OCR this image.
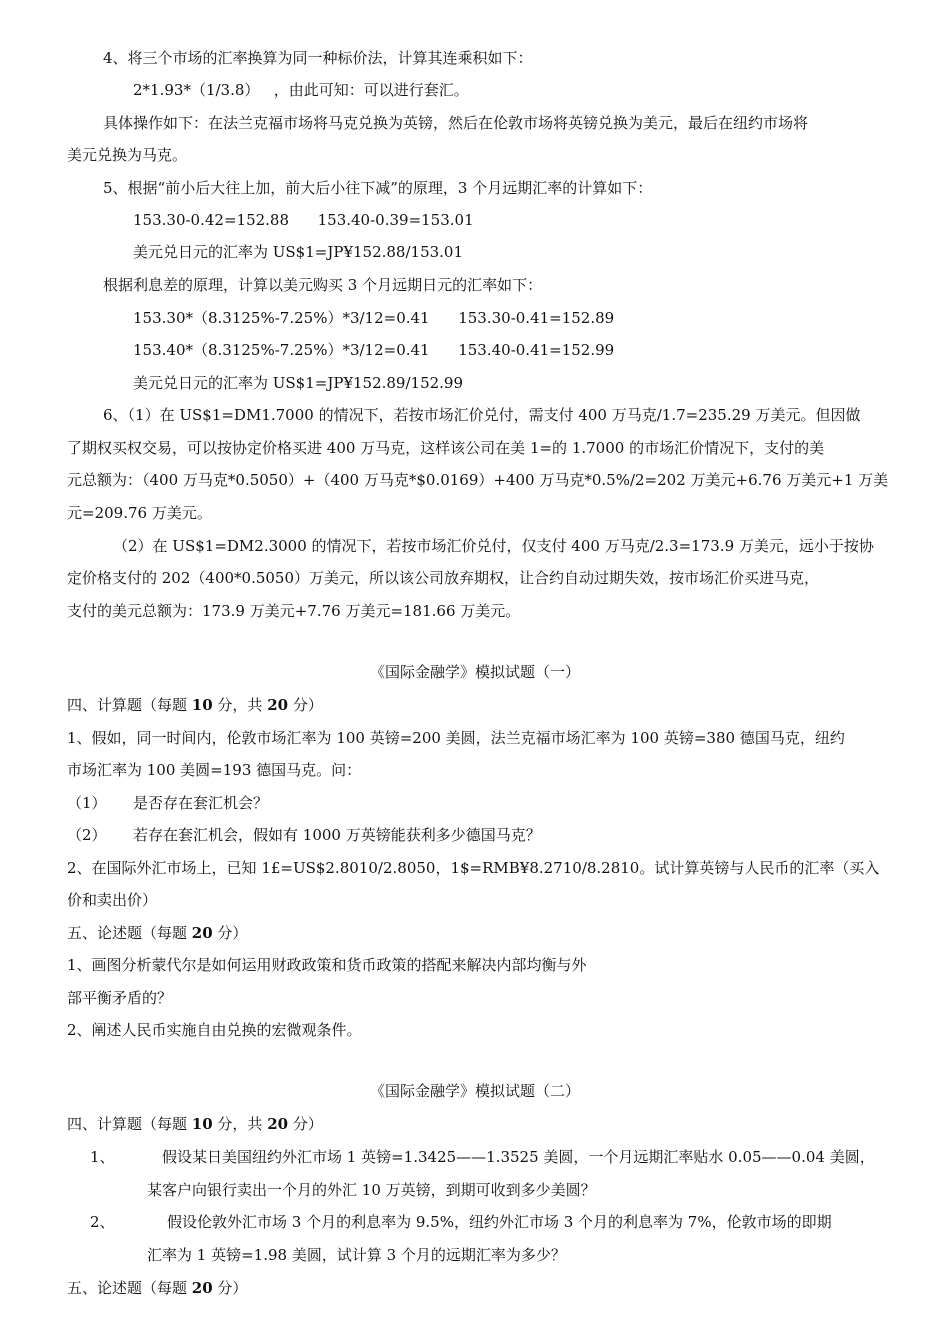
4、将三个市场的汇率换算为同一种标价法，计算其连乘积如下：
2*1.93*（1/3.8）   ，由此可知：可以进行套汇。
具体操作如下：在法兰克福市场将马克兑换为英镑，然后在伦敦市场将英镑兑换为美元，最后在纽约市场将
美元兑换为马克。
5、根据“前小后大往上加，前大后小往下减”的原理，3 个月远期汇率的计算如下：
153.30-0.42=152.88      153.40-0.39=153.01
美元兑日元的汇率为 US$1=JP¥152.88/153.01
根据利息差的原理，计算以美元购买 3 个月远期日元的汇率如下：
153.30*（8.3125%-7.25%）*3/12=0.41      153.30-0.41=152.89
153.40*（8.3125%-7.25%）*3/12=0.41      153.40-0.41=152.99
美元兑日元的汇率为 US$1=JP¥152.89/152.99
6、（1）在 US$1=DM1.7000 的情况下，若按市场汇价兑付，需支付 400 万马克/1.7=235.29 万美元。但因做
了期权买权交易，可以按协定价格买进 400 万马克，这样该公司在美 1=的 1.7000 的市场汇价情况下，支付的美
元总额为：（400 万马克*0.5050）+（400 万马克*$0.0169）+400 万马克*0.5%/2=202 万美元+6.76 万美元+1 万美
元=209.76 万美元。
（2）在 US$1=DM2.3000 的情况下，若按市场汇价兑付，仅支付 400 万马克/2.3=173.9 万美元，远小于按协
定价格支付的 202（400*0.5050）万美元，所以该公司放弃期权，让合约自动过期失效，按市场汇价买进马克，
支付的美元总额为：173.9 万美元+7.76 万美元=181.66 万美元。
《国际金融学》模拟试题（一）
四、计算题（每题 10 分，共 20 分）
1、假如，同一时间内，伦敦市场汇率为 100 英镑=200 美圆，法兰克福市场汇率为 100 英镑=380 德国马克，纽约
市场汇率为 100 美圆=193 德国马克。问：
（1） 是否存在套汇机会？
（2） 若存在套汇机会，假如有 1000 万英镑能获利多少德国马克？
2、在国际外汇市场上，已知 1£=US$2.8010/2.8050，1$=RMB¥8.2710/8.2810。试计算英镑与人民币的汇率（买入
价和卖出价）
五、论述题（每题 20 分）
1、画图分析蒙代尔是如何运用财政政策和货币政策的搭配来解决内部均衡与外
部平衡矛盾的？
2、阐述人民币实施自由兑换的宏微观条件。
《国际金融学》模拟试题（二）
四、计算题（每题 10 分，共 20 分）
1、	假设某日美国纽约外汇市场 1 英镑=1.3425——1.3525 美圆，一个月远期汇率贴水 0.05——0.04 美圆，
某客户向银行卖出一个月的外汇 10 万英镑，到期可收到多少美圆？
2、	假设伦敦外汇市场 3 个月的利息率为 9.5%，纽约外汇市场 3 个月的利息率为 7%，伦敦市场的即期
汇率为 1 英镑=1.98 美圆，试计算 3 个月的远期汇率为多少？
五、论述题（每题 20 分）
